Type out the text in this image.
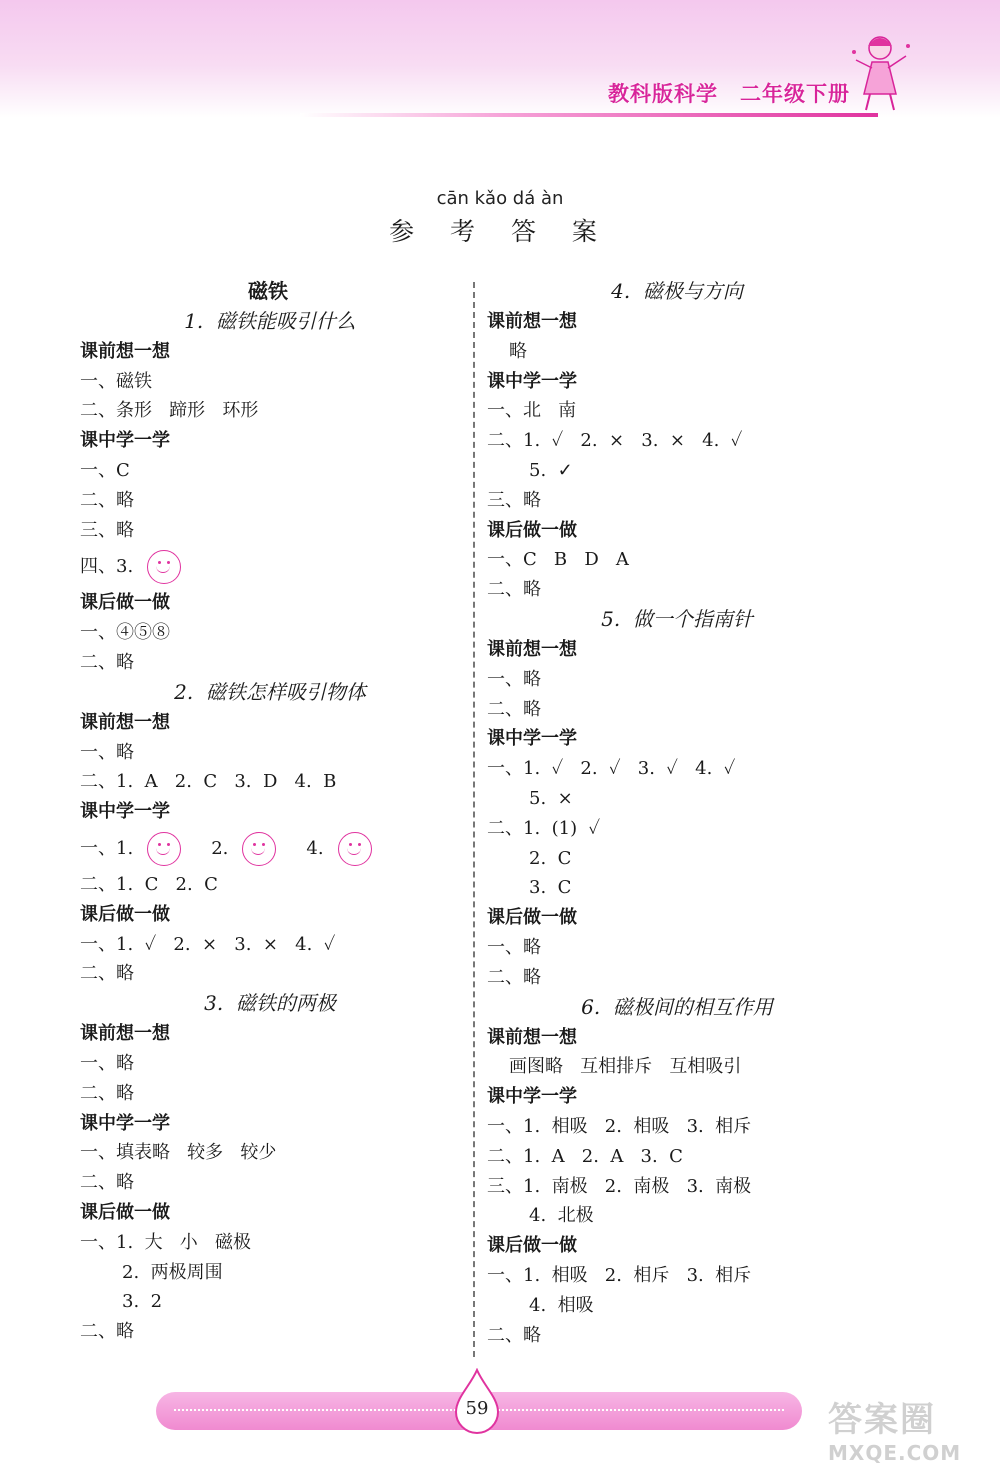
教科版科学 二年级下册
cān kǎo dá àn
参 考 答 案
磁铁
1.  磁铁能吸引什么
课前想一想
一、磁铁
二、条形   蹄形   环形
课中学一学
一、C
二、略
三、略
四、3.
课后做一做
一、④⑤⑧
二、略
2.  磁铁怎样吸引物体
课前想一想
一、略
二、1.  A   2.  C   3.  D   4.  B
课中学一学
一、1.	2.	4.
二、1.  C   2.  C
课后做一做
一、1.  ✓   2.  ×   3.  ×   4.  ✓
二、略
3.  磁铁的两极
课前想一想
一、略
二、略
课中学一学
一、填表略   较多   较少
二、略
课后做一做
一、1.  大   小   磁极
2.  两极周围
3.  2
二、略
4.  磁极与方向
课前想一想
略
课中学一学
一、北   南
二、1.  ✓   2.  ×   3.  ×   4.  ✓
5.  ✓
三、略
课后做一做
一、C   B   D   A
二、略
5.  做一个指南针
课前想一想
一、略
二、略
课中学一学
一、1.  ✓   2.  ✓   3.  ✓   4.  ✓
5.  ×
二、1.  (1)  ✓
2.  C
3.  C
课后做一做
一、略
二、略
6.  磁极间的相互作用
课前想一想
画图略   互相排斥   互相吸引
课中学一学
一、1.  相吸   2.  相吸   3.  相斥
二、1.  A   2.  A   3.  C
三、1.  南极   2.  南极   3.  南极
4.  北极
课后做一做
一、1.  相吸   2.  相斥   3.  相斥
4.  相吸
二、略
59	答案圈
MXQE.COM
